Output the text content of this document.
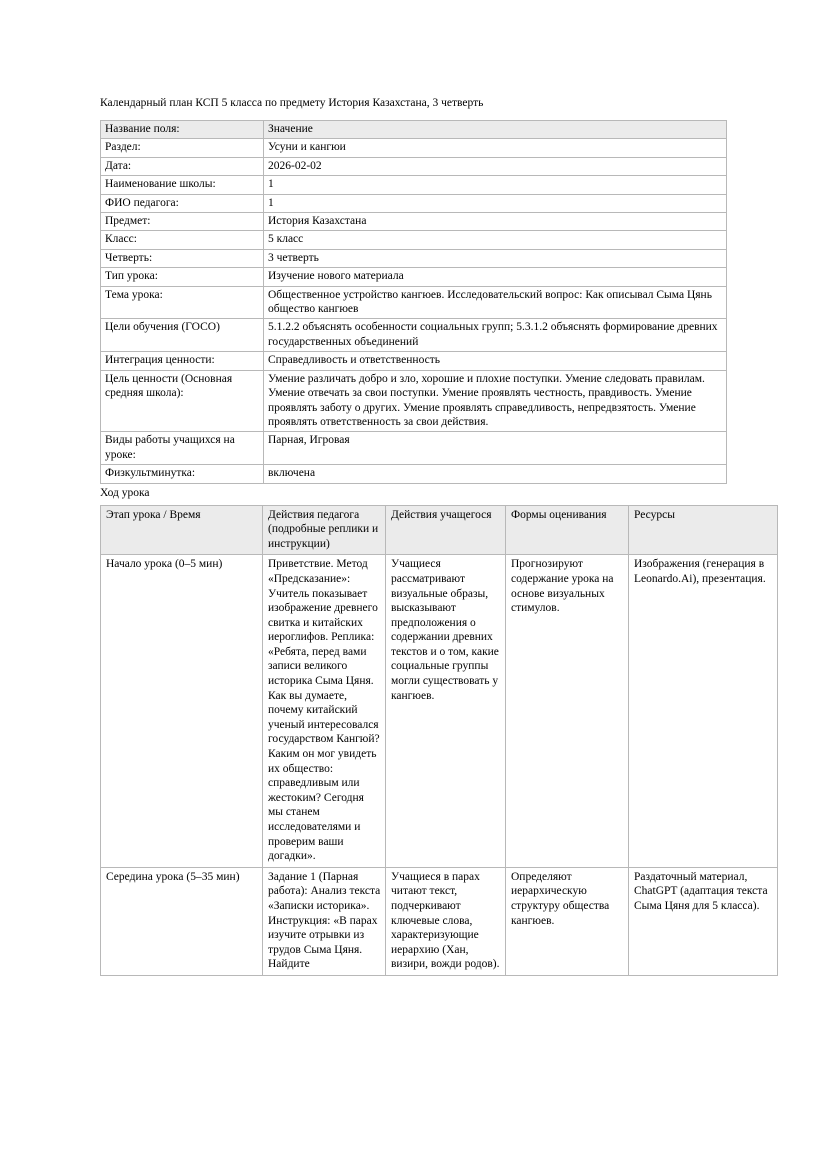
Календарный план КСП 5 класса по предмету История Казахстана, 3 четверть

Название поля:	Значение
Раздел:	Усуни и кангюи
Дата:	2026-02-02
Наименование школы:	1
ФИО педагога:	1
Предмет:	История Казахстана
Класс:	5 класс
Четверть:	3 четверть
Тип урока:	Изучение нового материала
Тема урока:	Общественное устройство кангюев. Исследовательский вопрос: Как описывал Сыма Цянь общество кангюев
Цели обучения (ГОСО)	5.1.2.2 объяснять особенности социальных групп; 5.3.1.2 объяснять формирование древних государственных объединений
Интеграция ценности:	Справедливость и ответственность
Цель ценности (Основная средняя школа):	Умение различать добро и зло, хорошие и плохие поступки. Умение следовать правилам. Умение отвечать за свои поступки. Умение проявлять честность, правдивость. Умение проявлять заботу о других. Умение проявлять справедливость, непредвзятость. Умение проявлять ответственность за свои действия.
Виды работы учащихся на уроке:	Парная, Игровая
Физкультминутка:	включена

Ход урока

Этап урока / Время	Действия педагога (подробные реплики и инструкции)	Действия учащегося	Формы оценивания	Ресурсы
Начало урока (0–5 мин)	Приветствие. Метод «Предсказание»: Учитель показывает изображение древнего свитка и китайских иероглифов. Реплика: «Ребята, перед вами записи великого историка Сыма Цяня. Как вы думаете, почему китайский ученый интересовался государством Кангюй? Каким он мог увидеть их общество: справедливым или жестоким? Сегодня мы станем исследователями и проверим ваши догадки».	Учащиеся рассматривают визуальные образы, высказывают предположения о содержании древних текстов и о том, какие социальные группы могли существовать у кангюев.	Прогнозируют содержание урока на основе визуальных стимулов.	Изображения (генерация в Leonardo.Ai), презентация.
Середина урока (5–35 мин)	Задание 1 (Парная работа): Анализ текста «Записки историка». Инструкция: «В парах изучите отрывки из трудов Сыма Цяня. Найдите	Учащиеся в парах читают текст, подчеркивают ключевые слова, характеризующие иерархию (Хан, визири, вожди родов).	Определяют иерархическую структуру общества кангюев.	Раздаточный материал, ChatGPT (адаптация текста Сыма Цяня для 5 класса).
